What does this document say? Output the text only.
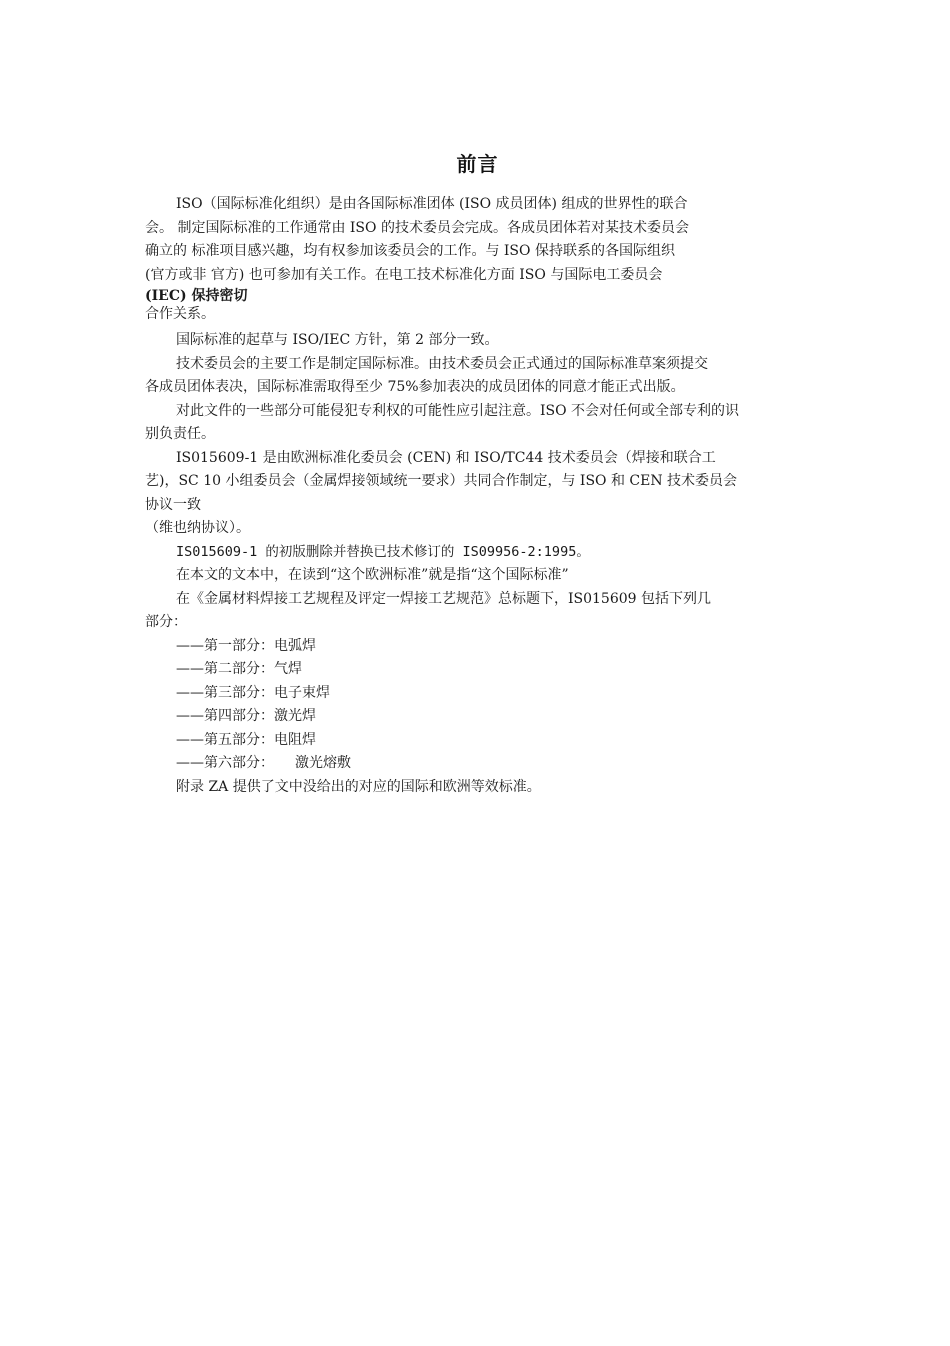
前言
ISO（国际标准化组织）是由各国际标准团体 (ISO 成员团体) 组成的世界性的联合
会。 制定国际标准的工作通常由 ISO 的技术委员会完成。各成员团体若对某技术委员会
确立的 标准项目感兴趣，均有权参加该委员会的工作。与 ISO 保持联系的各国际组织
(官方或非 官方) 也可参加有关工作。在电工技术标准化方面 ISO 与国际电工委员会
(IEC) 保持密切
合作关系。
国际标准的起草与 ISO/IEC 方针，第 2 部分一致。
技术委员会的主要工作是制定国际标准。由技术委员会正式通过的国际标准草案须提交
各成员团体表决，国际标准需取得至少 75%参加表决的成员团体的同意才能正式出版。
对此文件的一些部分可能侵犯专利权的可能性应引起注意。ISO 不会对任何或全部专利的识
别负责任。
IS015609-1 是由欧洲标准化委员会 (CEN) 和 ISO/TC44 技术委员会（焊接和联合工
艺)，SC 10 小组委员会（金属焊接领域统一要求）共同合作制定，与 ISO 和 CEN 技术委员会
协议一致
（维也纳协议）。
IS015609-1 的初版删除并替换已技术修订的 IS09956-2:1995。
在本文的文本中，在读到“这个欧洲标准”就是指“这个国际标准”
在《金属材料焊接工艺规程及评定一焊接工艺规范》总标题下，IS015609 包括下列几
部分：
——第一部分：电弧焊
——第二部分：气焊
——第三部分：电子束焊
——第四部分：激光焊
——第五部分：电阻焊
——第六部分：　　激光熔敷
附录 ZA 提供了文中没给出的对应的国际和欧洲等效标准。
